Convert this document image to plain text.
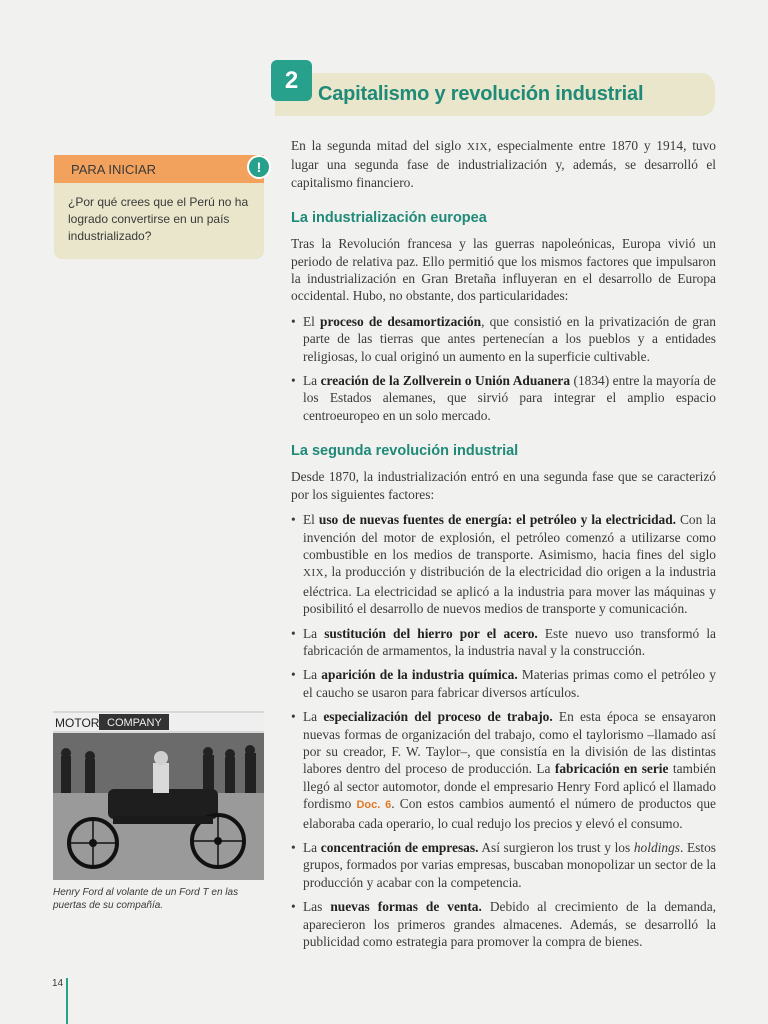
2 Capitalismo y revolución industrial
PARA INICIAR
¿Por qué crees que el Perú no ha logrado convertirse en un país industrializado?
!

En la segunda mitad del siglo XIX, especialmente entre 1870 y 1914, tuvo lugar una segunda fase de industrialización y, además, se desarrolló el capitalismo financiero.

La industrialización europea

Tras la Revolución francesa y las guerras napoleónicas, Europa vivió un periodo de relativa paz. Ello permitió que los mismos factores que impulsaron la industrialización en Gran Bretaña influyeran en el desarrollo de Europa occidental. Hubo, no obstante, dos particularidades:

• El proceso de desamortización, que consistió en la privatización de gran parte de las tierras que antes pertenecían a los pueblos y a entidades religiosas, lo cual originó un aumento en la superficie cultivable.
• La creación de la Zollverein o Unión Aduanera (1834) entre la mayoría de los Estados alemanes, que sirvió para integrar el amplio espacio centroeuropeo en un solo mercado.
La segunda revolución industrial

Desde 1870, la industrialización entró en una segunda fase que se caracterizó por los siguientes factores:

• El uso de nuevas fuentes de energía: el petróleo y la electricidad. Con la invención del motor de explosión, el petróleo comenzó a utilizarse como combustible en los medios de transporte. Asimismo, hacia fines del siglo XIX, la producción y distribución de la electricidad dio origen a la industria eléctrica. La electricidad se aplicó a la industria para mover las máquinas y posibilitó el desarrollo de nuevos medios de transporte y comunicación.
• La sustitución del hierro por el acero. Este nuevo uso transformó la fabricación de armamentos, la industria naval y la construcción.
• La aparición de la industria química. Materias primas como el petróleo y el caucho se usaron para fabricar diversos artículos.
• La especialización del proceso de trabajo. En esta época se ensayaron nuevas formas de organización del trabajo, como el taylorismo –llamado así por su creador, F. W. Taylor–, que consistía en la división de las distintas labores dentro del proceso de producción. La fabricación en serie también llegó al sector automotor, donde el empresario Henry Ford aplicó el llamado fordismo Doc. 6. Con estos cambios aumentó el número de productos que elaboraba cada operario, lo cual redujo los precios y elevó el consumo.
• La concentración de empresas. Así surgieron los trust y los holdings. Estos grupos, formados por varias empresas, buscaban monopolizar un sector de la producción y acabar con la competencia.
• Las nuevas formas de venta. Debido al crecimiento de la demanda, aparecieron los primeros grandes almacenes. Además, se desarrolló la publicidad como estrategia para promover la compra de bienes.
MOTOR COMPANY
Henry Ford al volante de un Ford T en las puertas de su compañía.
14
